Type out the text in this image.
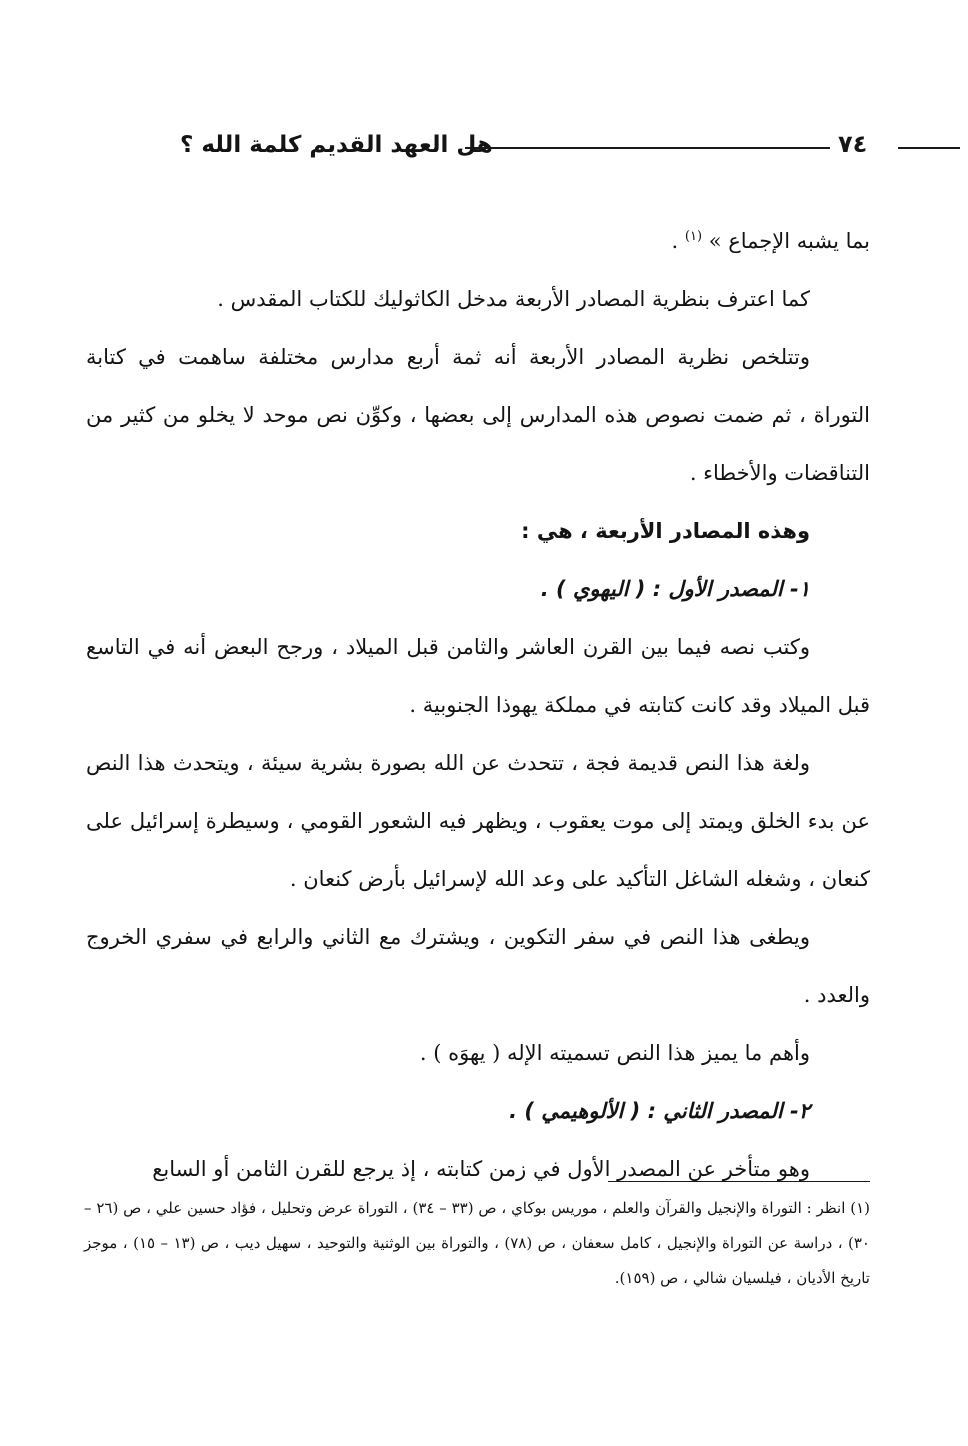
هل العهد القديم كلمة الله ؟	٧٤

بما يشبه الإجماع » $^{(١)}$ .

كما اعترف بنظرية المصادر الأربعة مدخل الكاثوليك للكتاب المقدس .

وتتلخص نظرية المصادر الأربعة أنه ثمة أربع مدارس مختلفة ساهمت في كتابة التوراة ، ثم ضمت نصوص هذه المدارس إلى بعضها ، وكوِّن نص موحد لا يخلو من كثير من التناقضات والأخطاء .

وهذه المصادر الأربعة ، هي :

١- المصدر الأول : ( اليهوي ) .

وكتب نصه فيما بين القرن العاشر والثامن قبل الميلاد ، ورجح البعض أنه في التاسع قبل الميلاد وقد كانت كتابته في مملكة يهوذا الجنوبية .

ولغة هذا النص قديمة فجة ، تتحدث عن الله بصورة بشرية سيئة ، ويتحدث هذا النص عن بدء الخلق ويمتد إلى موت يعقوب ، ويظهر فيه الشعور القومي ، وسيطرة إسرائيل على كنعان ، وشغله الشاغل التأكيد على وعد الله لإسرائيل بأرض كنعان .

ويطغى هذا النص في سفر التكوين ، ويشترك مع الثاني والرابع في سفري الخروج والعدد .

وأهم ما يميز هذا النص تسميته الإله ( يهوَه ) .

٢- المصدر الثاني : ( الألوهيمي ) .

وهو متأخر عن المصدر الأول في زمن كتابته ، إذ يرجع للقرن الثامن أو السابع

(١) انظر : التوراة والإنجيل والقرآن والعلم ، موريس بوكاي ، ص (٣٣ – ٣٤) ، التوراة عرض وتحليل ، فؤاد حسين علي ، ص (٢٦ – ٣٠) ، دراسة عن التوراة والإنجيل ، كامل سعفان ، ص (٧٨) ، والتوراة بين الوثنية والتوحيد ، سهيل ديب ، ص (١٣ – ١٥) ، موجز تاريخ الأديان ، فيلسيان شالي ، ص (١٥٩).
